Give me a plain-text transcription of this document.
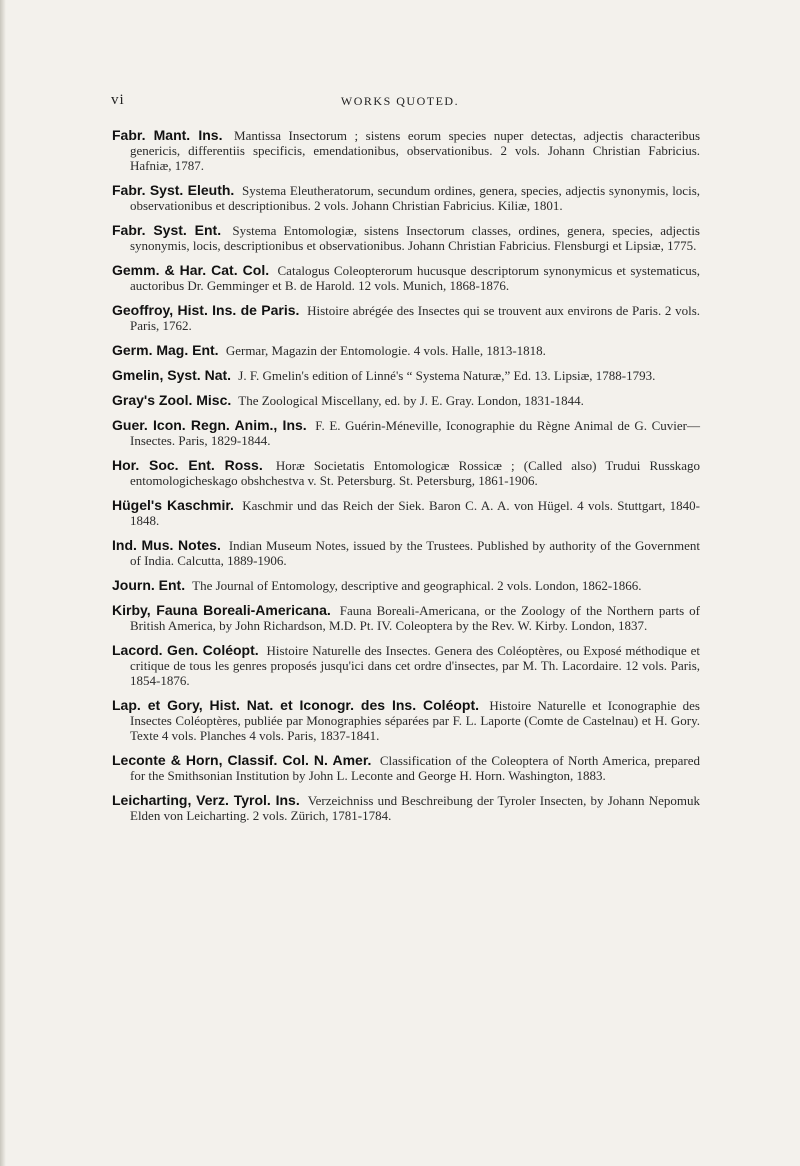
vi	WORKS QUOTED.
Fabr. Mant. Ins. Mantissa Insectorum ; sistens eorum species nuper detectas, adjectis characteribus genericis, differentiis specificis, emendationibus, observationibus. 2 vols. Johann Christian Fabricius. Hafniæ, 1787.
Fabr. Syst. Eleuth. Systema Eleutheratorum, secundum ordines, genera, species, adjectis synonymis, locis, observationibus et descriptionibus. 2 vols. Johann Christian Fabricius. Kiliæ, 1801.
Fabr. Syst. Ent. Systema Entomologiæ, sistens Insectorum classes, ordines, genera, species, adjectis synonymis, locis, descriptionibus et observationibus. Johann Christian Fabricius. Flensburgi et Lipsiæ, 1775.
Gemm. & Har. Cat. Col. Catalogus Coleopterorum hucusque descriptorum synonymicus et systematicus, auctoribus Dr. Gemminger et B. de Harold. 12 vols. Munich, 1868-1876.
Geoffroy, Hist. Ins. de Paris. Histoire abrégée des Insectes qui se trouvent aux environs de Paris. 2 vols. Paris, 1762.
Germ. Mag. Ent. Germar, Magazin der Entomologie. 4 vols. Halle, 1813-1818.
Gmelin, Syst. Nat. J. F. Gmelin's edition of Linné's “ Systema Naturæ,” Ed. 13. Lipsiæ, 1788-1793.
Gray's Zool. Misc. The Zoological Miscellany, ed. by J. E. Gray. London, 1831-1844.
Guer. Icon. Regn. Anim., Ins. F. E. Guérin-Méneville, Iconographie du Règne Animal de G. Cuvier—Insectes. Paris, 1829-1844.
Hor. Soc. Ent. Ross. Horæ Societatis Entomologicæ Rossicæ ; (Called also) Trudui Russkago entomologicheskago obshchestva v. St. Petersburg. St. Petersburg, 1861-1906.
Hügel's Kaschmir. Kaschmir und das Reich der Siek. Baron C. A. A. von Hügel. 4 vols. Stuttgart, 1840-1848.
Ind. Mus. Notes. Indian Museum Notes, issued by the Trustees. Published by authority of the Government of India. Calcutta, 1889-1906.
Journ. Ent. The Journal of Entomology, descriptive and geographical. 2 vols. London, 1862-1866.
Kirby, Fauna Boreali-Americana. Fauna Boreali-Americana, or the Zoology of the Northern parts of British America, by John Richardson, M.D. Pt. IV. Coleoptera by the Rev. W. Kirby. London, 1837.
Lacord. Gen. Coléopt. Histoire Naturelle des Insectes. Genera des Coléoptères, ou Exposé méthodique et critique de tous les genres proposés jusqu'ici dans cet ordre d'insectes, par M. Th. Lacordaire. 12 vols. Paris, 1854-1876.
Lap. et Gory, Hist. Nat. et Iconogr. des Ins. Coléopt. Histoire Naturelle et Iconographie des Insectes Coléoptères, publiée par Monographies séparées par F. L. Laporte (Comte de Castelnau) et H. Gory. Texte 4 vols. Planches 4 vols. Paris, 1837-1841.
Leconte & Horn, Classif. Col. N. Amer. Classification of the Coleoptera of North America, prepared for the Smithsonian Institution by John L. Leconte and George H. Horn. Washington, 1883.
Leicharting, Verz. Tyrol. Ins. Verzeichniss und Beschreibung der Tyroler Insecten, by Johann Nepomuk Elden von Leicharting. 2 vols. Zürich, 1781-1784.
